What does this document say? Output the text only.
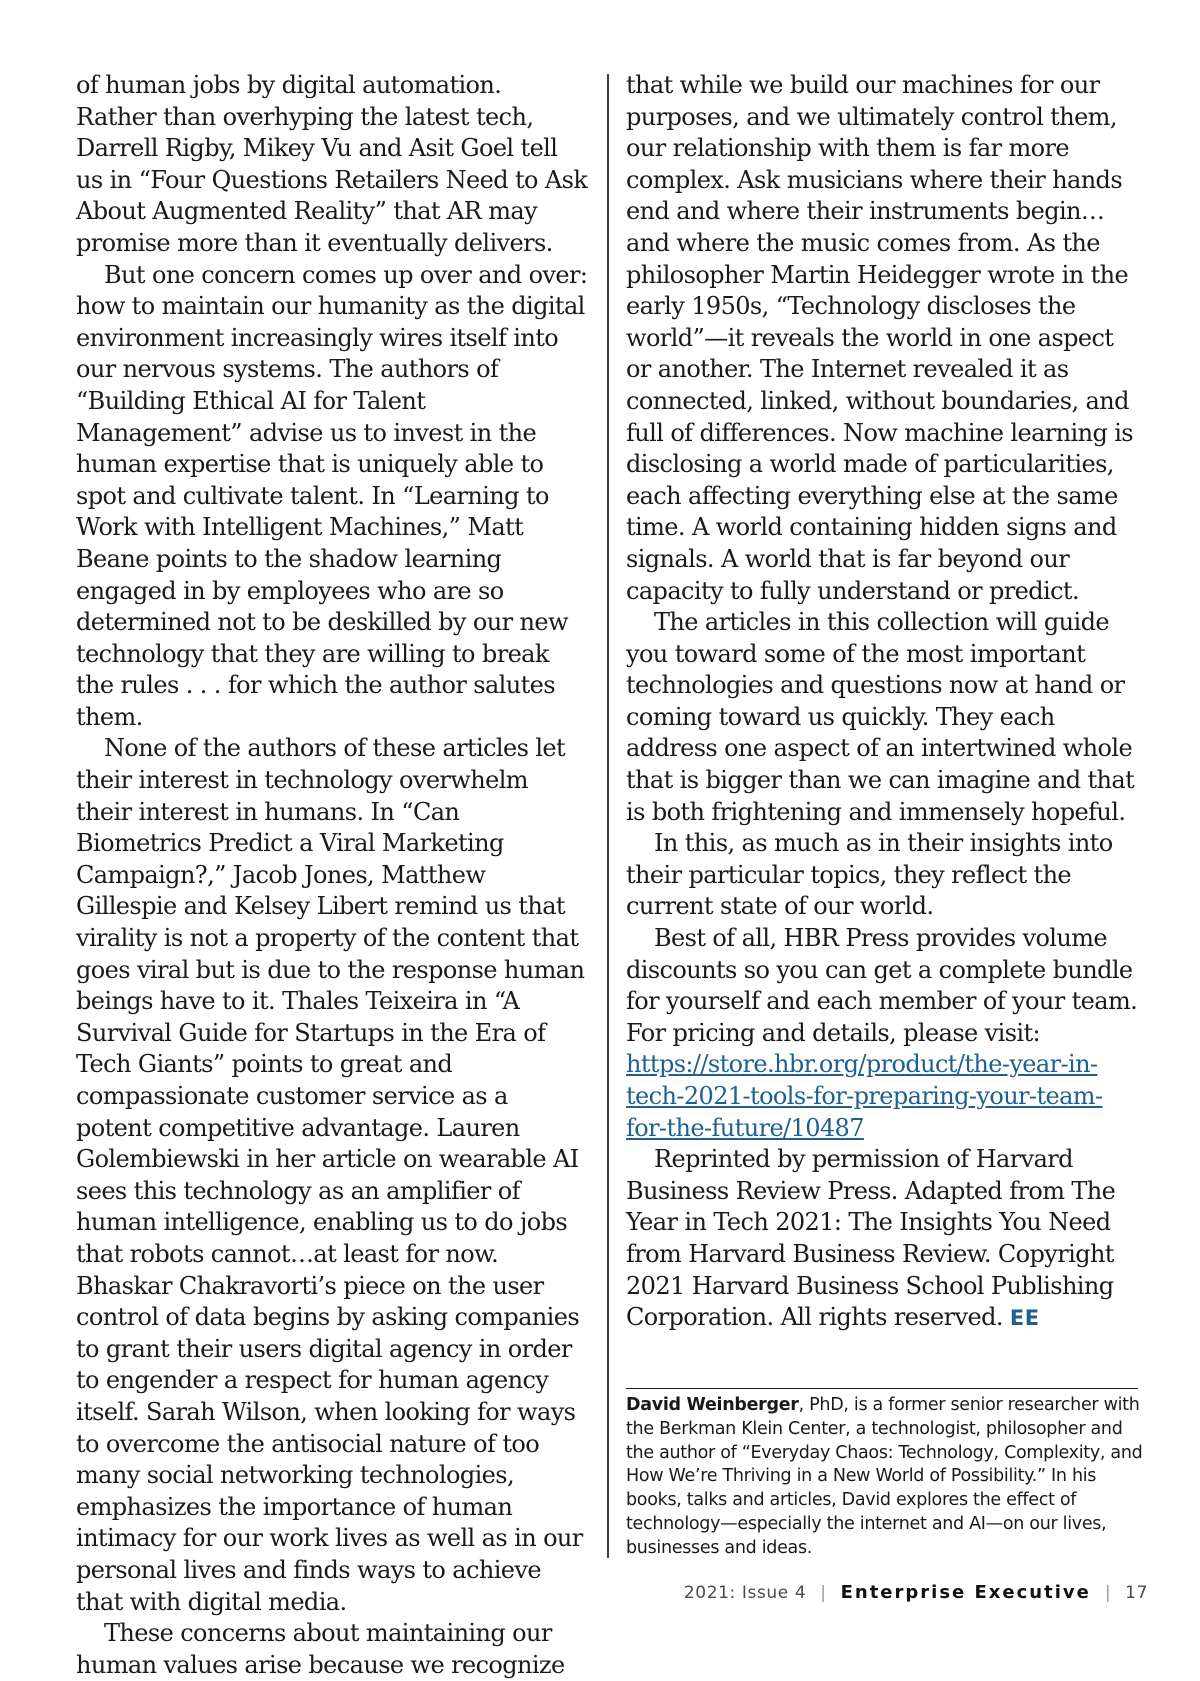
of human jobs by digital automation. Rather than overhyping the latest tech, Darrell Rigby, Mikey Vu and Asit Goel tell us in “Four Questions Retailers Need to Ask About Augmented Reality” that AR may promise more than it eventually delivers.

But one concern comes up over and over: how to maintain our humanity as the digital environment increasingly wires itself into our nervous systems. The authors of “Building Ethical AI for Talent Management” advise us to invest in the human expertise that is uniquely able to spot and cultivate talent. In “Learning to Work with Intelligent Machines,” Matt Beane points to the shadow learning engaged in by employees who are so determined not to be deskilled by our new technology that they are willing to break the rules . . . for which the author salutes them.

None of the authors of these articles let their interest in technology overwhelm their interest in humans. In “Can Biometrics Predict a Viral Marketing Campaign?,” Jacob Jones, Matthew Gillespie and Kelsey Libert remind us that virality is not a property of the content that goes viral but is due to the response human beings have to it. Thales Teixeira in “A Survival Guide for Startups in the Era of Tech Giants” points to great and compassionate customer service as a potent competitive advantage. Lauren Golembiewski in her article on wearable AI sees this technology as an amplifier of human intelligence, enabling us to do jobs that robots cannot…at least for now. Bhaskar Chakravorti’s piece on the user control of data begins by asking companies to grant their users digital agency in order to engender a respect for human agency itself. Sarah Wilson, when looking for ways to overcome the antisocial nature of too many social networking technologies, emphasizes the importance of human intimacy for our work lives as well as in our personal lives and finds ways to achieve that with digital media.

These concerns about maintaining our human values arise because we recognize

that while we build our machines for our purposes, and we ultimately control them, our relationship with them is far more complex. Ask musicians where their hands end and where their instruments begin… and where the music comes from. As the philosopher Martin Heidegger wrote in the early 1950s, “Technology discloses the world”—it reveals the world in one aspect or another. The Internet revealed it as connected, linked, without boundaries, and full of differences. Now machine learning is disclosing a world made of particularities, each affecting everything else at the same time. A world containing hidden signs and signals. A world that is far beyond our capacity to fully understand or predict.

The articles in this collection will guide you toward some of the most important technologies and questions now at hand or coming toward us quickly. They each address one aspect of an intertwined whole that is bigger than we can imagine and that is both frightening and immensely hopeful.

In this, as much as in their insights into their particular topics, they reflect the current state of our world.

Best of all, HBR Press provides volume discounts so you can get a complete bundle for yourself and each member of your team. For pricing and details, please visit: https://store.hbr.org/product/the-year-in-tech-2021-tools-for-preparing-your-team-for-the-future/10487

Reprinted by permission of Harvard Business Review Press. Adapted from The Year in Tech 2021: The Insights You Need from Harvard Business Review. Copyright 2021 Harvard Business School Publishing Corporation. All rights reserved. EE

David Weinberger, PhD, is a former senior researcher with the Berkman Klein Center, a technologist, philosopher and the author of “Everyday Chaos: Technology, Complexity, and How We’re Thriving in a New World of Possibility.” In his books, talks and articles, David explores the effect of technology—especially the internet and AI—on our lives, businesses and ideas.

2021: Issue 4 | Enterprise Executive | 17
